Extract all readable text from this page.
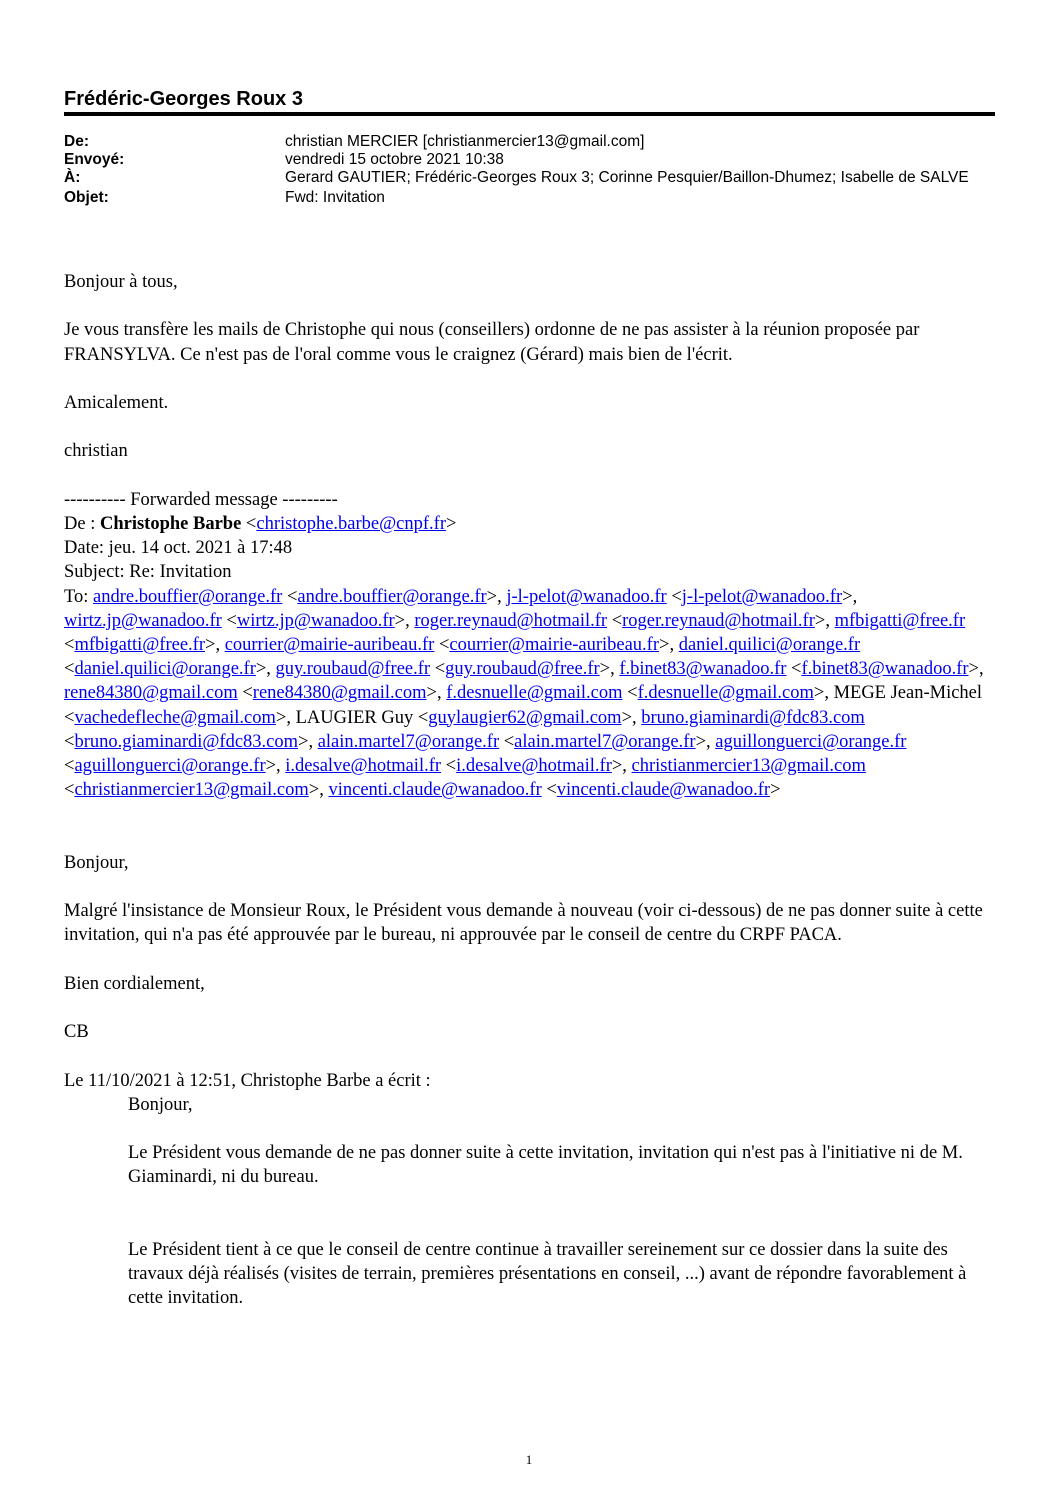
Frédéric-Georges Roux 3
De:	christian MERCIER [christianmercier13@gmail.com]
Envoyé:	vendredi 15 octobre 2021 10:38
À:	Gerard GAUTIER; Frédéric-Georges Roux 3; Corinne Pesquier/Baillon-Dhumez; Isabelle de SALVE
Objet:	Fwd: Invitation

Bonjour à tous,

Je vous transfère les mails de Christophe qui nous (conseillers) ordonne de ne pas assister à la réunion proposée par FRANSYLVA. Ce n'est pas de l'oral comme vous le craignez (Gérard) mais bien de l'écrit.

Amicalement.

christian

---------- Forwarded message ---------

De : Christophe Barbe <christophe.barbe@cnpf.fr>

Date: jeu. 14 oct. 2021 à 17:48

Subject: Re: Invitation

To: andre.bouffier@orange.fr <andre.bouffier@orange.fr>, j-l-pelot@wanadoo.fr <j-l-pelot@wanadoo.fr>, wirtz.jp@wanadoo.fr <wirtz.jp@wanadoo.fr>, roger.reynaud@hotmail.fr <roger.reynaud@hotmail.fr>, mfbigatti@free.fr <mfbigatti@free.fr>, courrier@mairie-auribeau.fr <courrier@mairie-auribeau.fr>, daniel.quilici@orange.fr <daniel.quilici@orange.fr>, guy.roubaud@free.fr <guy.roubaud@free.fr>, f.binet83@wanadoo.fr <f.binet83@wanadoo.fr>, rene84380@gmail.com <rene84380@gmail.com>, f.desnuelle@gmail.com <f.desnuelle@gmail.com>, MEGE Jean-Michel <vachedefleche@gmail.com>, LAUGIER Guy <guylaugier62@gmail.com>, bruno.giaminardi@fdc83.com <bruno.giaminardi@fdc83.com>, alain.martel7@orange.fr <alain.martel7@orange.fr>, aguillonguerci@orange.fr <aguillonguerci@orange.fr>, i.desalve@hotmail.fr <i.desalve@hotmail.fr>, christianmercier13@gmail.com <christianmercier13@gmail.com>, vincenti.claude@wanadoo.fr <vincenti.claude@wanadoo.fr>

Bonjour,

Malgré l'insistance de Monsieur Roux, le Président vous demande à nouveau (voir ci-dessous) de ne pas donner suite à cette invitation, qui n'a pas été approuvée par le bureau, ni approuvée par le conseil de centre du CRPF PACA.

Bien cordialement,

CB

Le 11/10/2021 à 12:51, Christophe Barbe a écrit :

Bonjour,

Le Président vous demande de ne pas donner suite à cette invitation, invitation qui n'est pas à l'initiative ni de M. Giaminardi, ni du bureau.

Le Président tient à ce que le conseil de centre continue à travailler sereinement sur ce dossier dans la suite des travaux déjà réalisés (visites de terrain, premières présentations en conseil, ...) avant de répondre favorablement à cette invitation.

1
